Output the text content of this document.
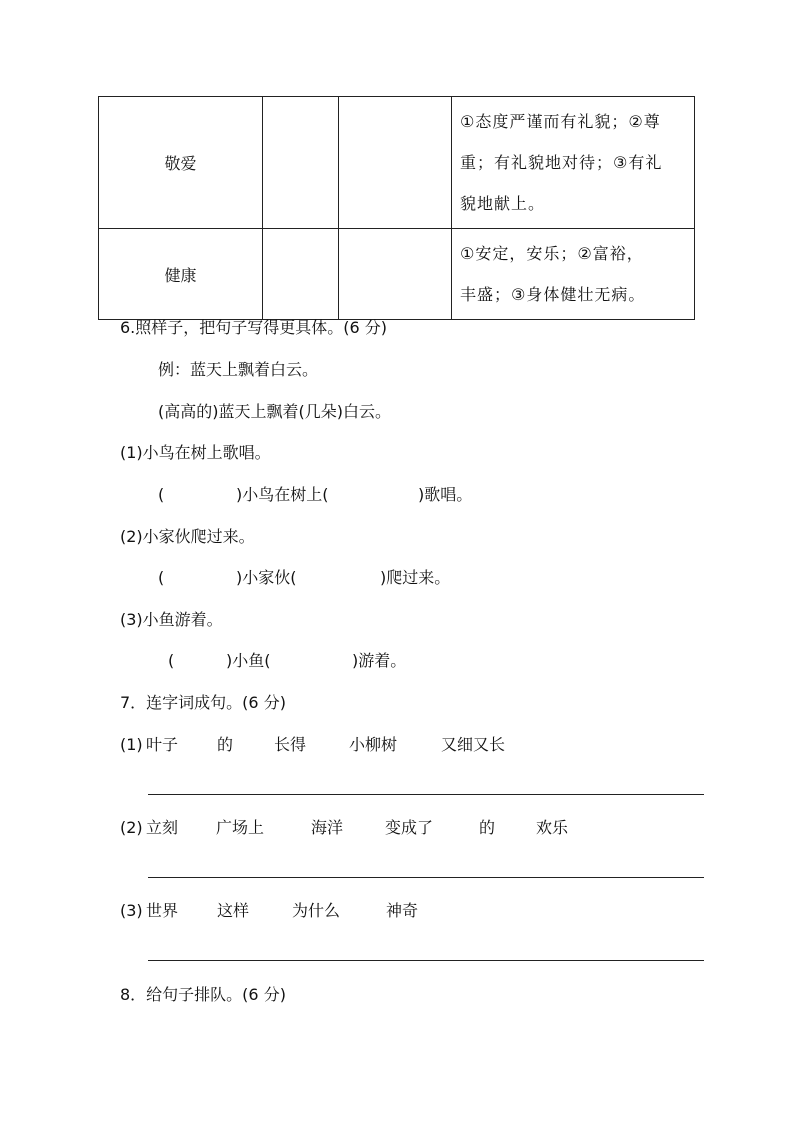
敬爱			①态度严谨而有礼貌；②尊
重；有礼貌地对待；③有礼
貌地献上。

健康			①安定，安乐；②富裕，
丰盛；③身体健壮无病。
6.照样子，把句子写得更具体。(6 分)
例：蓝天上飘着白云。
(高高的)蓝天上飘着(几朵)白云。
(1)小鸟在树上歌唱。
(	)小鸟在树上(	)歌唱。
(2)小家伙爬过来。
(	)小家伙(	)爬过来。
(3)小鱼游着。
(	)小鱼(	)游着。
7．连字词成句。(6 分)
(1) 叶子 的	长得	小柳树	又细又长
(2) 立刻 广场上	海洋	变成了	的	欢乐
(3) 世界 这样	为什么	神奇
8．给句子排队。(6 分)
